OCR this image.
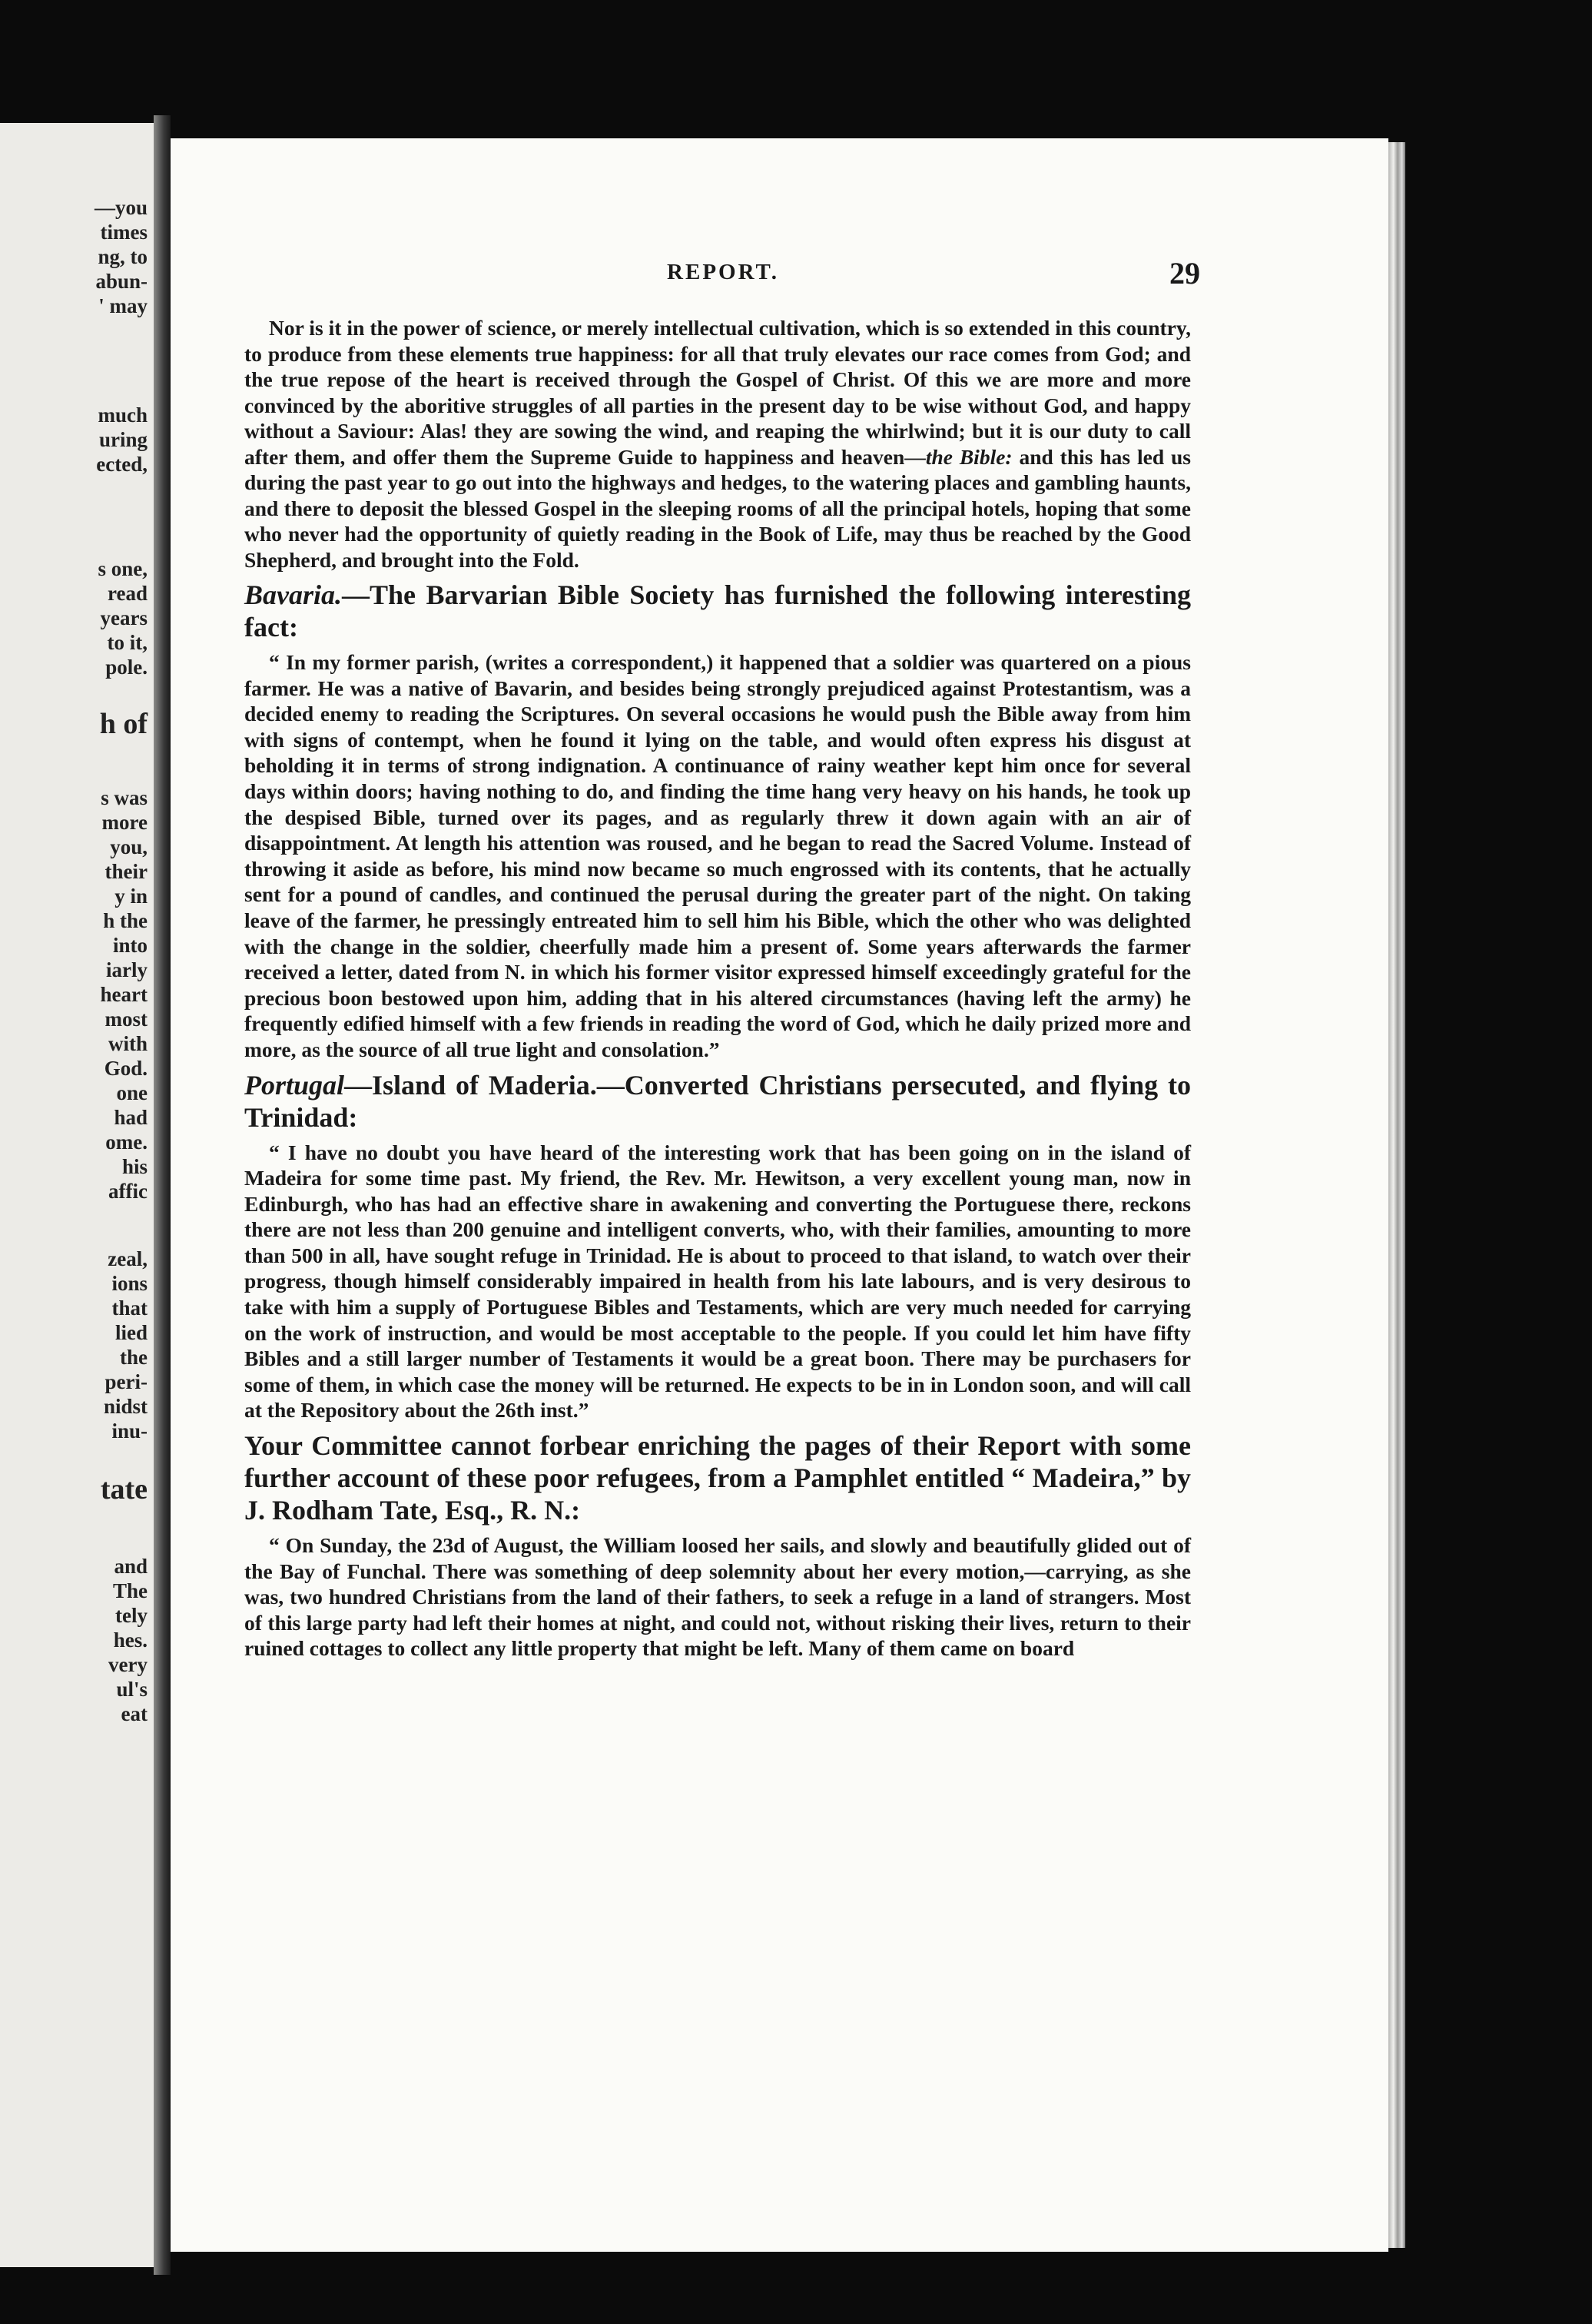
—you
times
ng, to
abun-
' may
much
uring
ected,
s one,
read
years
to it,
pole.
h of
s was
more
you,
their
y in
h the
into
iarly
heart
most
with
God.
one
had
ome.
his
affic
zeal,
ions
that
lied
the
peri-
nidst
inu-
tate
and
The
tely
hes.
very
ul's
eat
REPORT.	29

Nor is it in the power of science, or merely intellectual cultivation, which is so extended in this country, to produce from these elements true happiness: for all that truly elevates our race comes from God; and the true repose of the heart is received through the Gospel of Christ. Of this we are more and more convinced by the aboritive struggles of all parties in the present day to be wise without God, and happy without a Saviour: Alas! they are sowing the wind, and reaping the whirlwind; but it is our duty to call after them, and offer them the Supreme Guide to happiness and heaven—the Bible: and this has led us during the past year to go out into the highways and hedges, to the watering places and gambling haunts, and there to deposit the blessed Gospel in the sleeping rooms of all the principal hotels, hoping that some who never had the opportunity of quietly reading in the Book of Life, may thus be reached by the Good Shepherd, and brought into the Fold.

Bavaria.—The Barvarian Bible Society has furnished the following interesting fact:

“ In my former parish, (writes a correspondent,) it happened that a soldier was quartered on a pious farmer. He was a native of Bavarin, and besides being strongly prejudiced against Protestantism, was a decided enemy to reading the Scriptures. On several occasions he would push the Bible away from him with signs of contempt, when he found it lying on the table, and would often express his disgust at beholding it in terms of strong indignation. A continuance of rainy weather kept him once for several days within doors; having nothing to do, and finding the time hang very heavy on his hands, he took up the despised Bible, turned over its pages, and as regularly threw it down again with an air of disappointment. At length his attention was roused, and he began to read the Sacred Volume. Instead of throwing it aside as before, his mind now became so much engrossed with its contents, that he actually sent for a pound of candles, and continued the perusal during the greater part of the night. On taking leave of the farmer, he pressingly entreated him to sell him his Bible, which the other who was delighted with the change in the soldier, cheerfully made him a present of. Some years afterwards the farmer received a letter, dated from N. in which his former visitor expressed himself exceedingly grateful for the precious boon bestowed upon him, adding that in his altered circumstances (having left the army) he frequently edified himself with a few friends in reading the word of God, which he daily prized more and more, as the source of all true light and consolation.”

Portugal—Island of Maderia.—Converted Christians persecuted, and flying to Trinidad:

“ I have no doubt you have heard of the interesting work that has been going on in the island of Madeira for some time past. My friend, the Rev. Mr. Hewitson, a very excellent young man, now in Edinburgh, who has had an effective share in awakening and converting the Portuguese there, reckons there are not less than 200 genuine and intelligent converts, who, with their families, amounting to more than 500 in all, have sought refuge in Trinidad. He is about to proceed to that island, to watch over their progress, though himself considerably impaired in health from his late labours, and is very desirous to take with him a supply of Portuguese Bibles and Testaments, which are very much needed for carrying on the work of instruction, and would be most acceptable to the people. If you could let him have fifty Bibles and a still larger number of Testaments it would be a great boon. There may be purchasers for some of them, in which case the money will be returned. He expects to be in in London soon, and will call at the Repository about the 26th inst.”

Your Committee cannot forbear enriching the pages of their Report with some further account of these poor refugees, from a Pamphlet entitled “ Madeira,” by J. Rodham Tate, Esq., R. N.:

“ On Sunday, the 23d of August, the William loosed her sails, and slowly and beautifully glided out of the Bay of Funchal. There was something of deep solemnity about her every motion,—carrying, as she was, two hundred Christians from the land of their fathers, to seek a refuge in a land of strangers. Most of this large party had left their homes at night, and could not, without risking their lives, return to their ruined cottages to collect any little property that might be left. Many of them came on board
